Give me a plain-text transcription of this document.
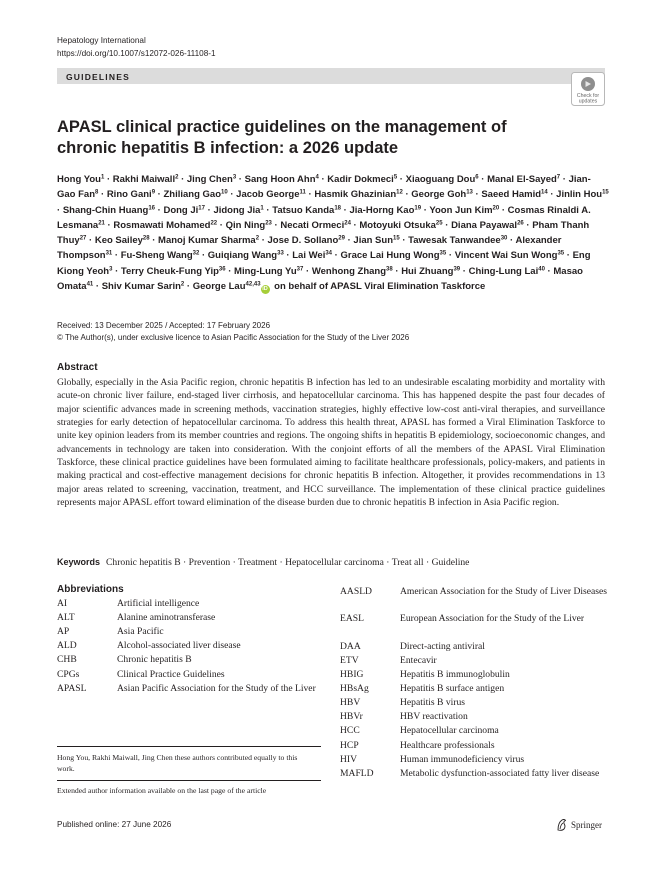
Hepatology International
https://doi.org/10.1007/s12072-026-11108-1
GUIDELINES
Check for
updates
APASL clinical practice guidelines on the management of chronic hepatitis B infection: a 2026 update
Hong You$^1$ · Rakhi Maiwall$^2$ · Jing Chen$^3$ · Sang Hoon Ahn$^4$ · Kadir Dokmeci$^5$ · Xiaoguang Dou$^6$ · Manal El-Sayed$^7$ · Jian-Gao Fan$^8$ · Rino Gani$^9$ · Zhiliang Gao$^{10}$ · Jacob George$^{11}$ · Hasmik Ghazinian$^{12}$ · George Goh$^{13}$ · Saeed Hamid$^{14}$ · Jinlin Hou$^{15}$ · Shang-Chin Huang$^{16}$ · Dong $Ji^{17}$ · Jidong Jia$^1$ · Tatsuo Kanda$^{18}$ · Jia-Horng Kao$^{19}$ · Yoon Jun Kim$^{20}$ · Cosmas Rinaldi A. Lesmana$^{21}$ · Rosmawati Mohamed$^{22}$ · Qin Ning$^{23}$ · Necati Ormeci$^{24}$ · Motoyuki Otsuka$^{25}$ · Diana Payawal$^{26}$ · Pham Thanh Thuy$^{27}$ · Keo Sailey$^{28}$ · Manoj Kumar Sharma$^2$ · Jose D. Sollano$^{29}$ · Jian Sun$^{15}$ · Tawesak Tanwandee$^{30}$ · Alexander Thompson$^{31}$ · Fu-Sheng Wang$^{32}$ · Guiqiang Wang$^{33}$ · Lai Wei$^{34}$ · Grace Lai Hung Wong$^{35}$ · Vincent Wai Sun Wong$^{35}$ · Eng Kiong Yeoh$^3$ · Terry Cheuk-Fung Yip$^{36}$ · Ming-Lung $Yu^{37}$ · Wenhong Zhang$^{38}$ · Hui Zhuang$^{39}$ · Ching-Lung Lai$^{40}$ · Masao Omata$^{41}$ · Shiv Kumar Sarin$^2$ · George Lau$^{42,43}$iD on behalf of APASL Viral Elimination Taskforce
Received: 13 December 2025 / Accepted: 17 February 2026
© The Author(s), under exclusive licence to Asian Pacific Association for the Study of the Liver 2026
Abstract
Globally, especially in the Asia Pacific region, chronic hepatitis B infection has led to an undesirable escalating morbidity and mortality with acute-on chronic liver failure, end-staged liver cirrhosis, and hepatocellular carcinoma. This has happened despite the past four decades of major scientific advances made in screening methods, vaccination strategies, highly effective low-cost anti-viral therapies, and surveillance strategies for early detection of hepatocellular carcinoma. To address this health threat, APASL has formed a Viral Elimination Taskforce to unite key opinion leaders from its member countries and regions. The ongoing shifts in hepatitis B epidemiology, socioeconomic changes, and advancements in technology are taken into consideration. With the conjoint efforts of all the members of the APASL Viral Elimination Taskforce, these clinical practice guidelines have been formulated aiming to facilitate healthcare professionals, policy-makers, and patients in making practical and cost-effective management decisions for chronic hepatitis B infection. Altogether, it provides recommendations in 13 major areas related to screening, vaccination, treatment, and HCC surveillance. The implementation of these clinical practice guidelines represents major APASL effort toward elimination of the disease burden due to chronic hepatitis B infection in Asia Pacific region.
Keywords Chronic hepatitis B · Prevention · Treatment · Hepatocellular carcinoma · Treat all · Guideline
Abbreviations
AI	Artificial intelligence
ALT	Alanine aminotransferase
AP	Asia Pacific
ALD	Alcohol-associated liver disease
CHB	Chronic hepatitis B
CPGs	Clinical Practice Guidelines
APASL	Asian Pacific Association for the Study of the Liver
AASLD	American Association for the Study of Liver Diseases
EASL	European Association for the Study of the Liver
DAA	Direct-acting antiviral
ETV	Entecavir
HBIG	Hepatitis B immunoglobulin
HBsAg	Hepatitis B surface antigen
HBV	Hepatitis B virus
HBVr	HBV reactivation
HCC	Hepatocellular carcinoma
HCP	Healthcare professionals
HIV	Human immunodeficiency virus
MAFLD	Metabolic dysfunction-associated fatty liver disease
Hong You, Rakhi Maiwall, Jing Chen these authors contributed equally to this work.
Extended author information available on the last page of the article
Published online: 27 June 2026	Springer
